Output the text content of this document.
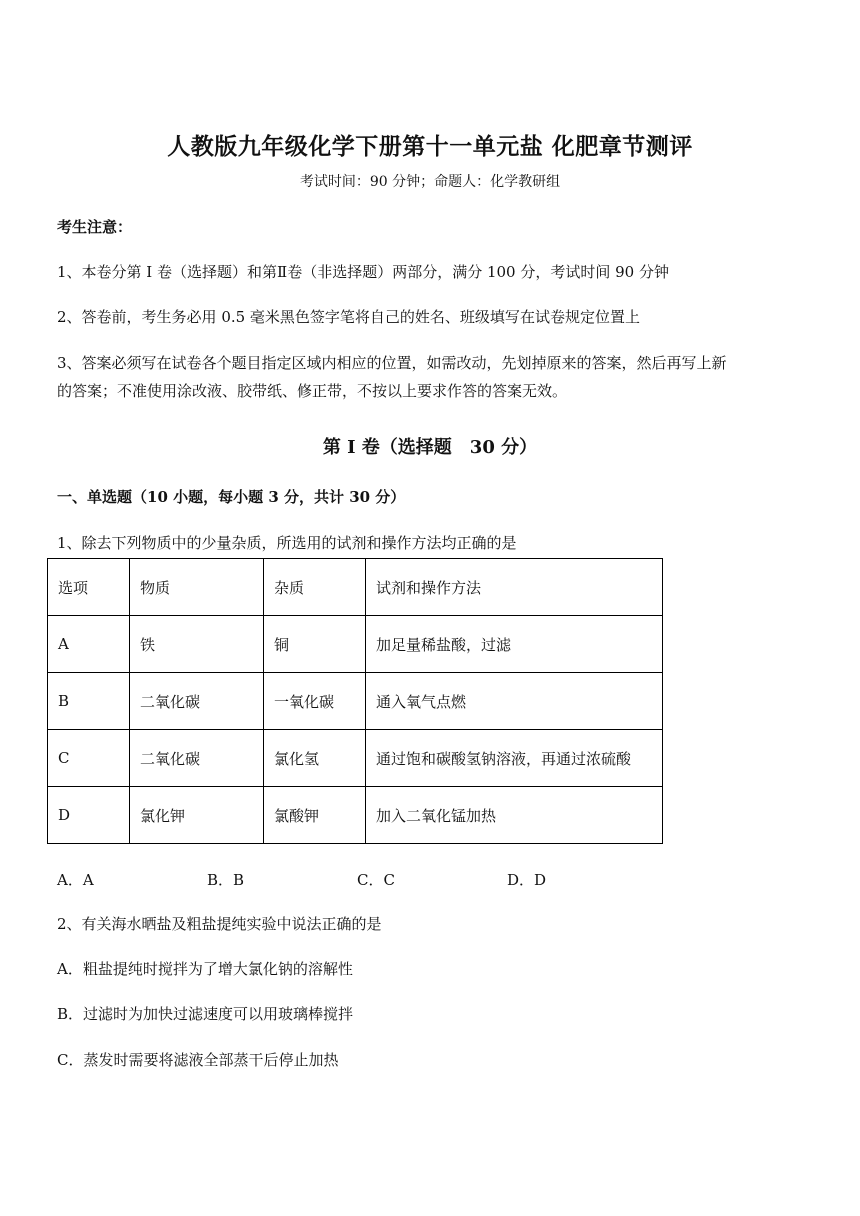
人教版九年级化学下册第十一单元盐 化肥章节测评
考试时间：90 分钟；命题人：化学教研组
考生注意：
1、本卷分第 I 卷（选择题）和第Ⅱ卷（非选择题）两部分，满分 100 分，考试时间 90 分钟
2、答卷前，考生务必用 0.5 毫米黑色签字笔将自己的姓名、班级填写在试卷规定位置上
3、答案必须写在试卷各个题目指定区域内相应的位置，如需改动，先划掉原来的答案，然后再写上新
的答案；不准使用涂改液、胶带纸、修正带，不按以上要求作答的答案无效。
第 I 卷（选择题　30 分）
一、单选题（10 小题，每小题 3 分，共计 30 分）
1、除去下列物质中的少量杂质，所选用的试剂和操作方法均正确的是
选项	物质	杂质	试剂和操作方法
A	铁	铜	加足量稀盐酸，过滤
B	二氧化碳	一氧化碳	通入氧气点燃
C	二氧化碳	氯化氢	通过饱和碳酸氢钠溶液，再通过浓硫酸
D	氯化钾	氯酸钾	加入二氧化锰加热
A．A	B．B	C．C	D．D
2、有关海水晒盐及粗盐提纯实验中说法正确的是
A．粗盐提纯时搅拌为了增大氯化钠的溶解性
B．过滤时为加快过滤速度可以用玻璃棒搅拌
C．蒸发时需要将滤液全部蒸干后停止加热
